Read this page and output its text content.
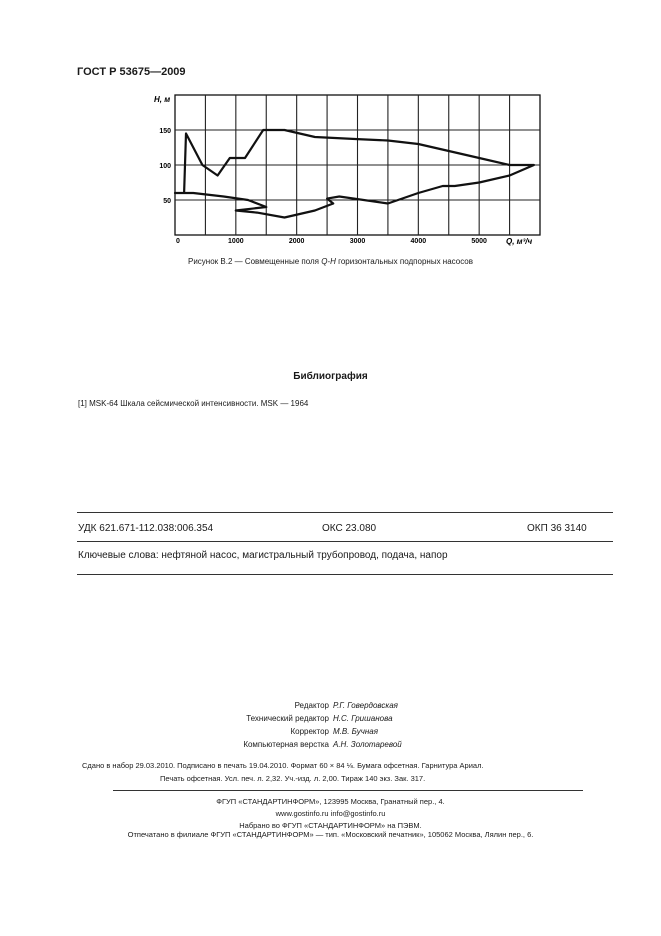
ГОСТ Р 53675—2009
0	1000	2000	3000	4000	5000
50
100
150
H, м
Q, м³/ч
Рисунок В.2 — Совмещенные поля Q-H горизонтальных подпорных насосов
Библиография
[1] MSK-64 Шкала сейсмической интенсивности. MSK — 1964
УДК 621.671-112.038:006.354	ОКС 23.080	ОКП 36 3140
Ключевые слова: нефтяной насос, магистральный трубопровод, подача, напор
Редактор Р.Г. Говердовская
Технический редактор Н.С. Гришанова
Корректор М.В. Бучная
Компьютерная верстка А.Н. Золотаревой
Сдано в набор 29.03.2010. Подписано в печать 19.04.2010. Формат 60 × 84 ⅛. Бумага офсетная. Гарнитура Ариал.
Печать офсетная. Усл. печ. л. 2,32. Уч.-изд. л. 2,00. Тираж 140 экз. Зак. 317.
ФГУП «СТАНДАРТИНФОРМ», 123995 Москва, Гранатный пер., 4.
www.gostinfo.ru info@gostinfo.ru
Набрано во ФГУП «СТАНДАРТИНФОРМ» на ПЭВМ.
Отпечатано в филиале ФГУП «СТАНДАРТИНФОРМ» — тип. «Московский печатник», 105062 Москва, Лялин пер., 6.
